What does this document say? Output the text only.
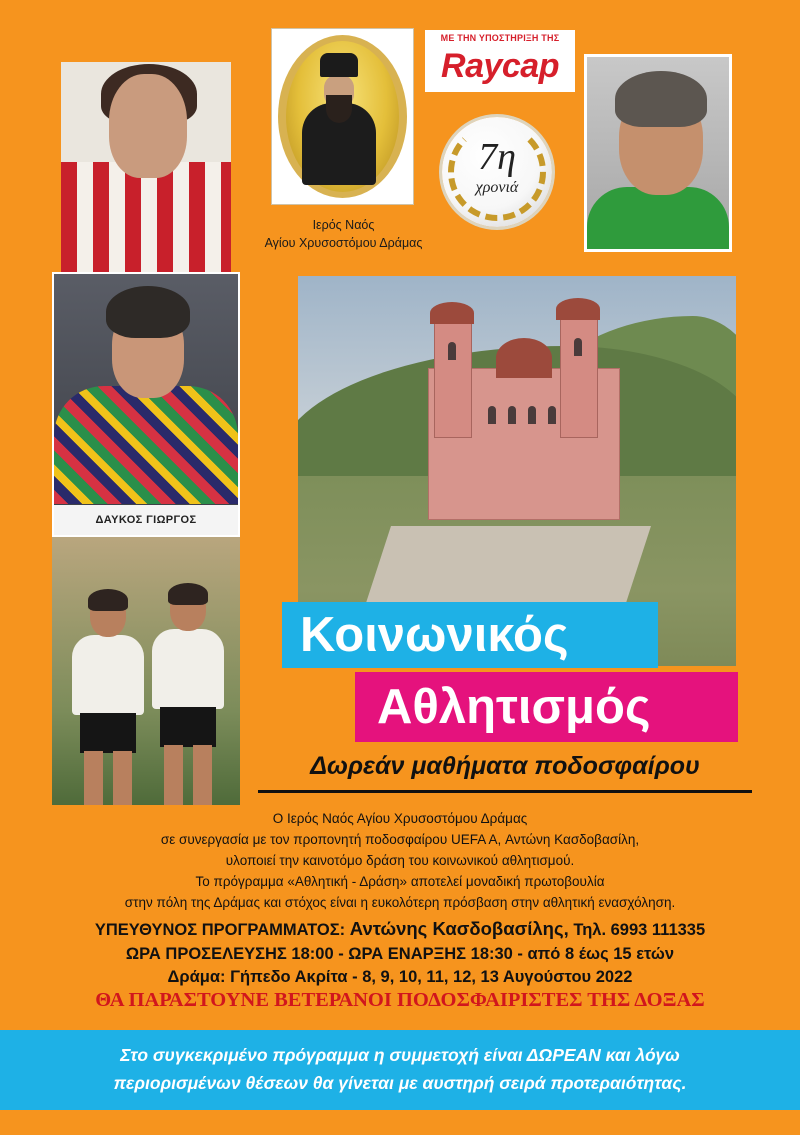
Ιερός Ναός
Αγίου Χρυσοστόμου Δράμας
ΜΕ ΤΗΝ ΥΠΟΣΤΗΡΙΞΗ ΤΗΣ
Raycap
7η
χρονιά
ΔΑΥΚΟΣ ΓΙΩΡΓΟΣ
Κοινωνικός
Αθλητισμός
Δωρεάν μαθήματα ποδοσφαίρου
Ο Ιερός Ναός Αγίου Χρυσοστόμου Δράμας
σε συνεργασία με τον προπονητή ποδοσφαίρου UEFA A, Αντώνη Κασδοβασίλη,
υλοποιεί την καινοτόμο δράση του κοινωνικού αθλητισμού.
Το πρόγραμμα «Αθλητική - Δράση» αποτελεί μοναδική πρωτοβουλία
στην πόλη της Δράμας και στόχος είναι η ευκολότερη πρόσβαση στην αθλητική ενασχόληση.
ΥΠΕΥΘΥΝΟΣ ΠΡΟΓΡΑΜΜΑΤΟΣ: Αντώνης Κασδοβασίλης, Τηλ. 6993 111335
ΩΡΑ ΠΡΟΣΕΛΕΥΣΗΣ 18:00 - ΩΡΑ ΕΝΑΡΞΗΣ 18:30 - από 8 έως 15 ετών
Δράμα: Γήπεδο Ακρίτα - 8, 9, 10, 11, 12, 13 Αυγούστου 2022
ΘΑ ΠΑΡΑΣΤΟΥΝΕ ΒΕΤΕΡΑΝΟΙ ΠΟΔΟΣΦΑΙΡΙΣΤΕΣ ΤΗΣ ΔΟΞΑΣ
Στο συγκεκριμένο πρόγραμμα η συμμετοχή είναι ΔΩΡΕΑΝ και λόγω
περιορισμένων θέσεων θα γίνεται με αυστηρή σειρά προτεραιότητας.
